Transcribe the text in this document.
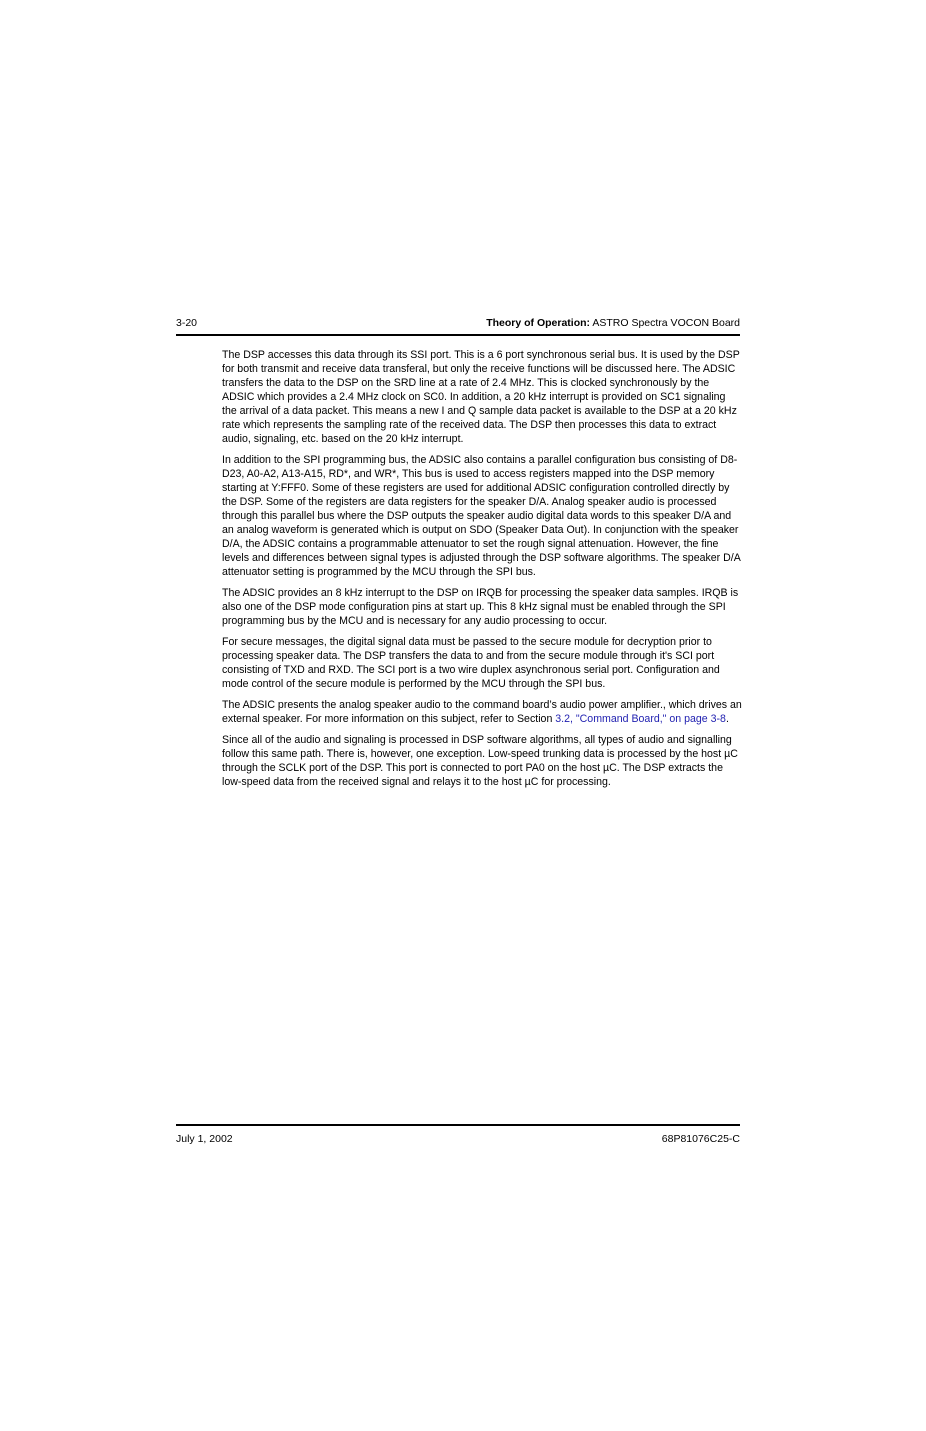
3-20	Theory of Operation: ASTRO Spectra VOCON Board

The DSP accesses this data through its SSI port. This is a 6 port synchronous serial bus. It is used by the DSP for both transmit and receive data transferal, but only the receive functions will be discussed here. The ADSIC transfers the data to the DSP on the SRD line at a rate of 2.4 MHz. This is clocked synchronously by the ADSIC which provides a 2.4 MHz clock on SC0. In addition, a 20 kHz interrupt is provided on SC1 signaling the arrival of a data packet. This means a new I and Q sample data packet is available to the DSP at a 20 kHz rate which represents the sampling rate of the received data. The DSP then processes this data to extract audio, signaling, etc. based on the 20 kHz interrupt.

In addition to the SPI programming bus, the ADSIC also contains a parallel configuration bus consisting of D8-D23, A0-A2, A13-A15, RD*, and WR*, This bus is used to access registers mapped into the DSP memory starting at Y:FFF0. Some of these registers are used for additional ADSIC configuration controlled directly by the DSP. Some of the registers are data registers for the speaker D/A. Analog speaker audio is processed through this parallel bus where the DSP outputs the speaker audio digital data words to this speaker D/A and an analog waveform is generated which is output on SDO (Speaker Data Out). In conjunction with the speaker D/A, the ADSIC contains a programmable attenuator to set the rough signal attenuation. However, the fine levels and differences between signal types is adjusted through the DSP software algorithms. The speaker D/A attenuator setting is programmed by the MCU through the SPI bus.

The ADSIC provides an 8 kHz interrupt to the DSP on IRQB for processing the speaker data samples. IRQB is also one of the DSP mode configuration pins at start up. This 8 kHz signal must be enabled through the SPI programming bus by the MCU and is necessary for any audio processing to occur.

For secure messages, the digital signal data must be passed to the secure module for decryption prior to processing speaker data. The DSP transfers the data to and from the secure module through it's SCI port consisting of TXD and RXD. The SCI port is a two wire duplex asynchronous serial port. Configuration and mode control of the secure module is performed by the MCU through the SPI bus.

The ADSIC presents the analog speaker audio to the command board’s audio power amplifier., which drives an external speaker. For more information on this subject, refer to Section 3.2, "Command Board," on page 3-8.

Since all of the audio and signaling is processed in DSP software algorithms, all types of audio and signalling follow this same path. There is, however, one exception. Low-speed trunking data is processed by the host µC through the SCLK port of the DSP. This port is connected to port PA0 on the host µC. The DSP extracts the low-speed data from the received signal and relays it to the host µC for processing.

July 1, 2002	68P81076C25-C
